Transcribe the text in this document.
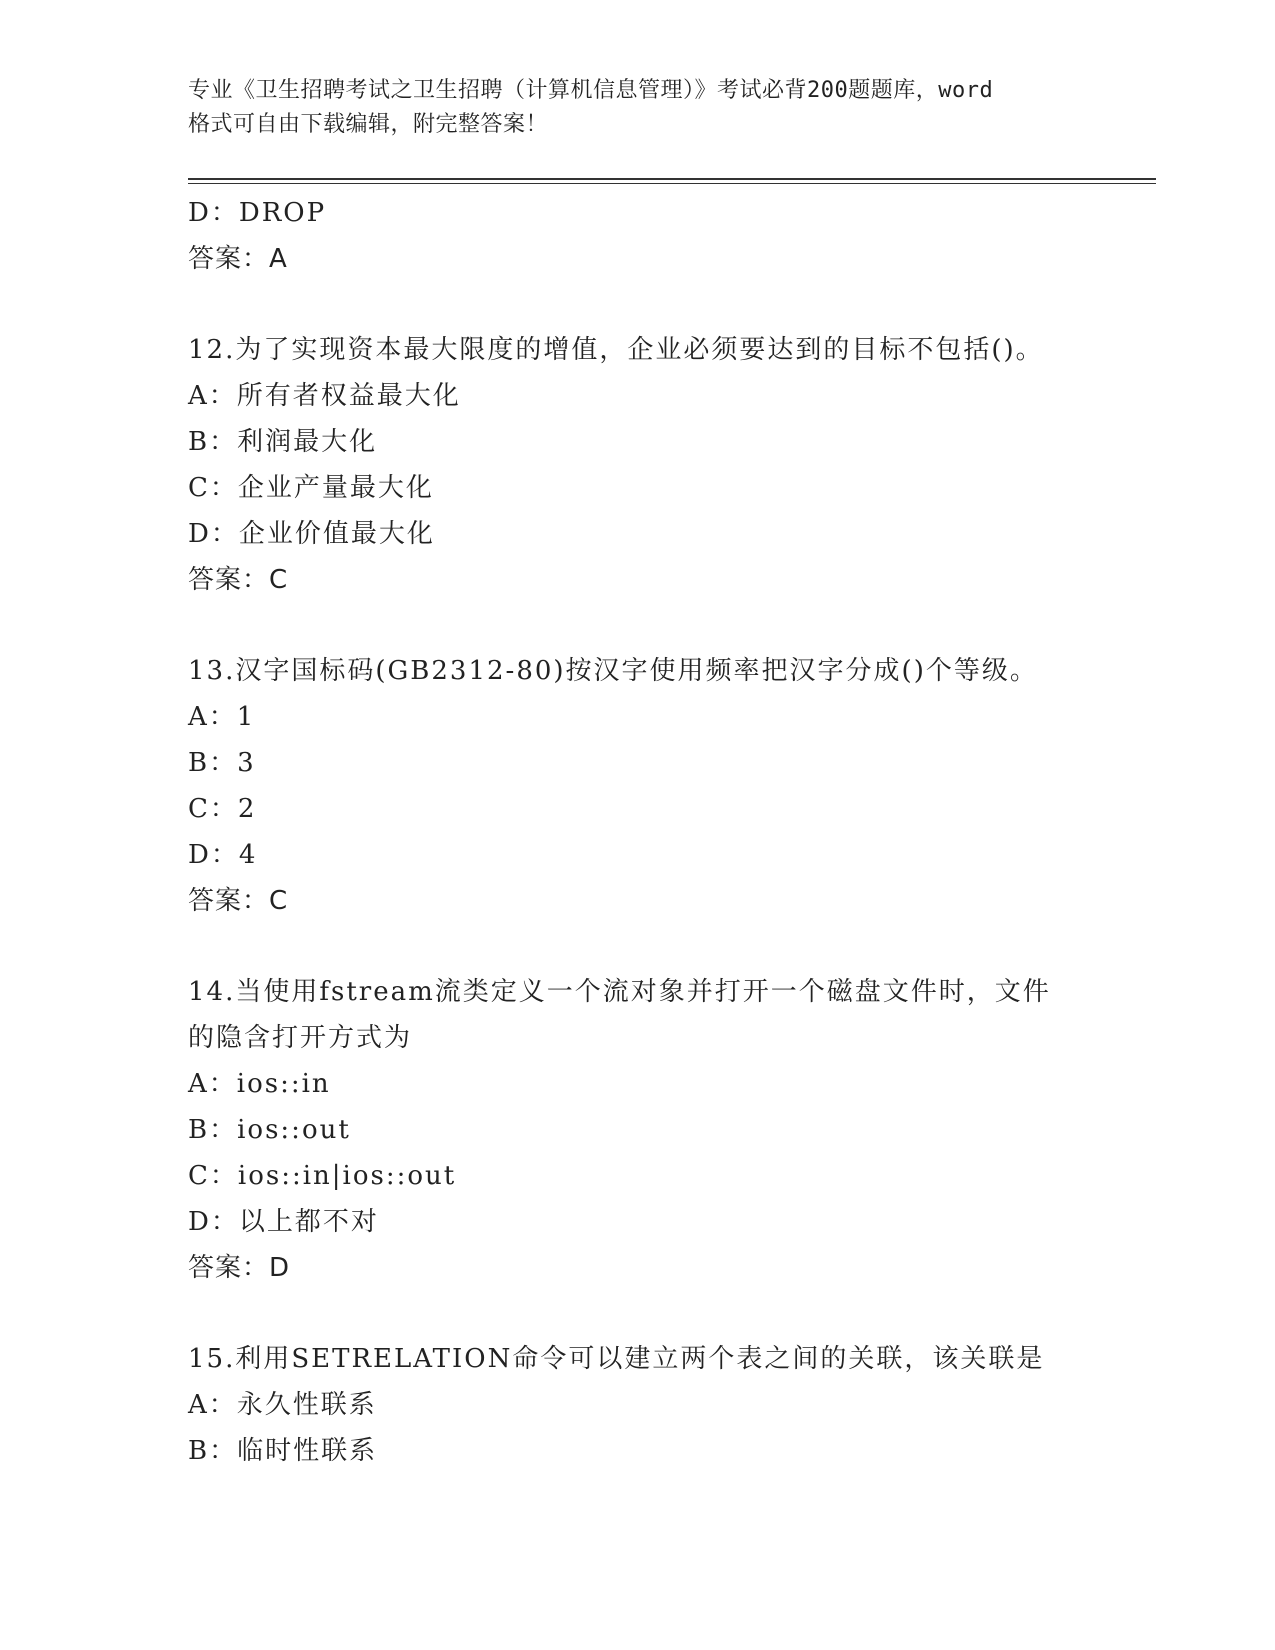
专业《卫生招聘考试之卫生招聘（计算机信息管理）》考试必背200题题库，word
格式可自由下载编辑，附完整答案！
D：DROP
答案：A
12.为了实现资本最大限度的增值，企业必须要达到的目标不包括()。
A：所有者权益最大化
B：利润最大化
C：企业产量最大化
D：企业价值最大化
答案：C
13.汉字国标码(GB2312-80)按汉字使用频率把汉字分成()个等级。
A：1
B：3
C：2
D：4
答案：C
14.当使用fstream流类定义一个流对象并打开一个磁盘文件时，文件
的隐含打开方式为
A：ios::in
B：ios::out
C：ios::in|ios::out
D：以上都不对
答案：D
15.利用SETRELATION命令可以建立两个表之间的关联，该关联是
A：永久性联系
B：临时性联系
